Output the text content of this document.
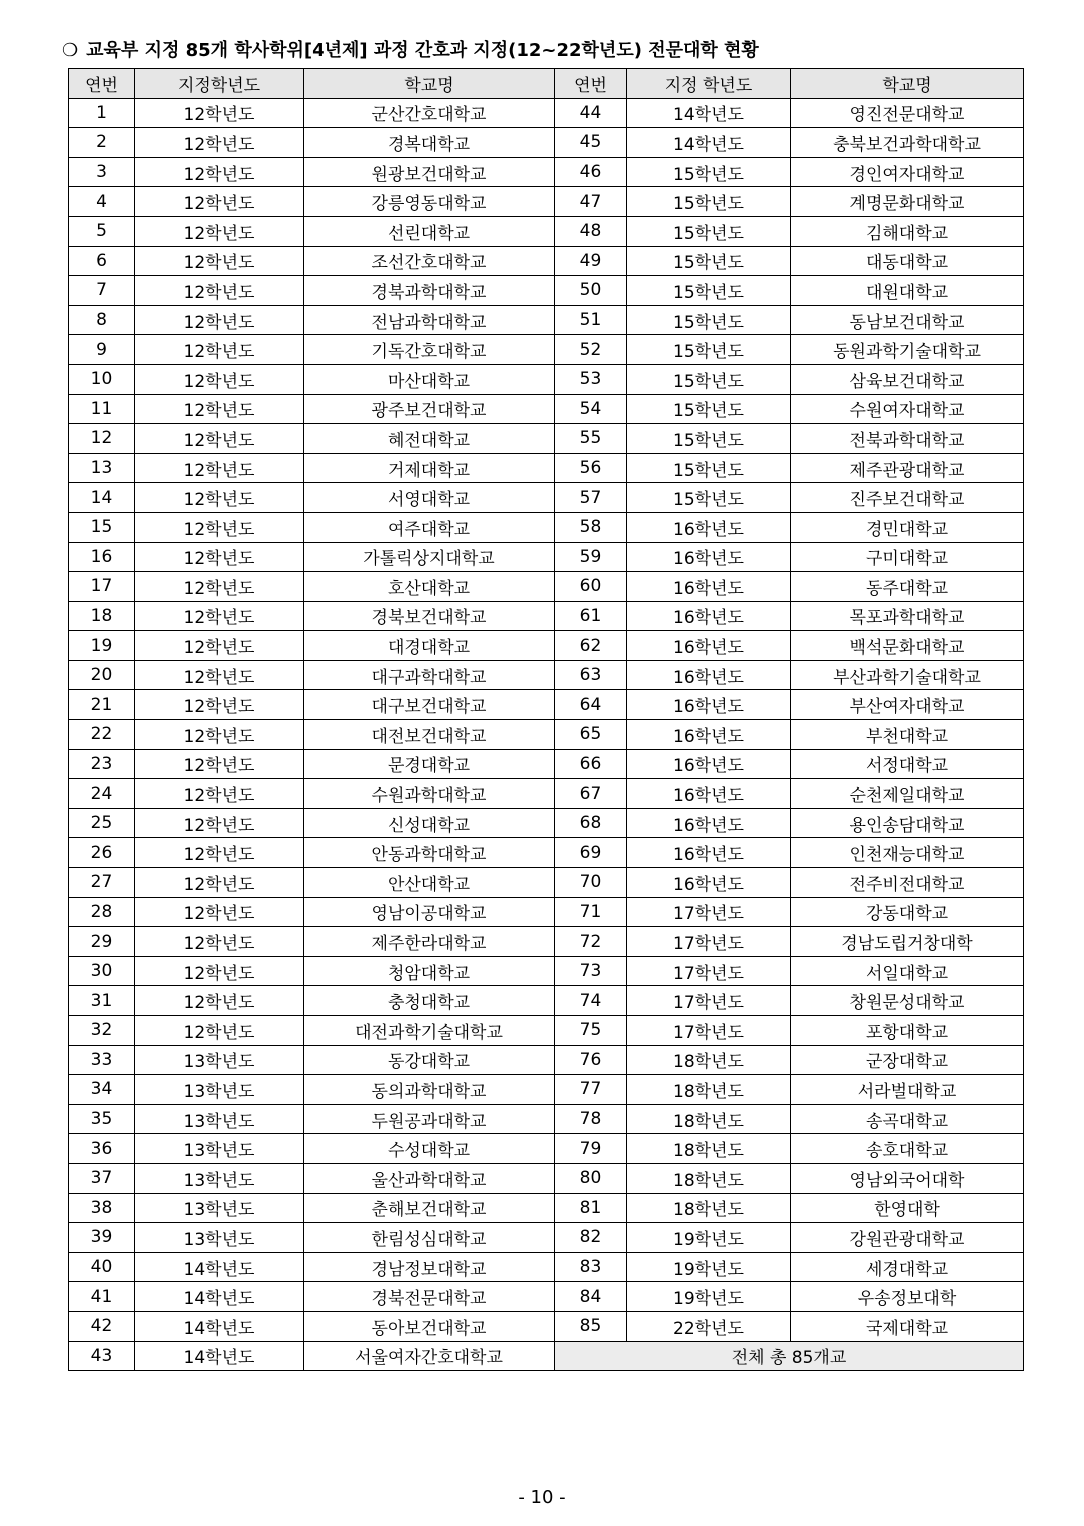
❍ 교육부 지정 85개 학사학위[4년제] 과정 간호과 지정(12~22학년도) 전문대학 현황
연번	지정학년도	학교명	연번	지정 학년도	학교명
1	12학년도	군산간호대학교	44	14학년도	영진전문대학교
2	12학년도	경복대학교	45	14학년도	충북보건과학대학교
3	12학년도	원광보건대학교	46	15학년도	경인여자대학교
4	12학년도	강릉영동대학교	47	15학년도	계명문화대학교
5	12학년도	선린대학교	48	15학년도	김해대학교
6	12학년도	조선간호대학교	49	15학년도	대동대학교
7	12학년도	경북과학대학교	50	15학년도	대원대학교
8	12학년도	전남과학대학교	51	15학년도	동남보건대학교
9	12학년도	기독간호대학교	52	15학년도	동원과학기술대학교
10	12학년도	마산대학교	53	15학년도	삼육보건대학교
11	12학년도	광주보건대학교	54	15학년도	수원여자대학교
12	12학년도	혜전대학교	55	15학년도	전북과학대학교
13	12학년도	거제대학교	56	15학년도	제주관광대학교
14	12학년도	서영대학교	57	15학년도	진주보건대학교
15	12학년도	여주대학교	58	16학년도	경민대학교
16	12학년도	가톨릭상지대학교	59	16학년도	구미대학교
17	12학년도	호산대학교	60	16학년도	동주대학교
18	12학년도	경북보건대학교	61	16학년도	목포과학대학교
19	12학년도	대경대학교	62	16학년도	백석문화대학교
20	12학년도	대구과학대학교	63	16학년도	부산과학기술대학교
21	12학년도	대구보건대학교	64	16학년도	부산여자대학교
22	12학년도	대전보건대학교	65	16학년도	부천대학교
23	12학년도	문경대학교	66	16학년도	서정대학교
24	12학년도	수원과학대학교	67	16학년도	순천제일대학교
25	12학년도	신성대학교	68	16학년도	용인송담대학교
26	12학년도	안동과학대학교	69	16학년도	인천재능대학교
27	12학년도	안산대학교	70	16학년도	전주비전대학교
28	12학년도	영남이공대학교	71	17학년도	강동대학교
29	12학년도	제주한라대학교	72	17학년도	경남도립거창대학
30	12학년도	청암대학교	73	17학년도	서일대학교
31	12학년도	충청대학교	74	17학년도	창원문성대학교
32	12학년도	대전과학기술대학교	75	17학년도	포항대학교
33	13학년도	동강대학교	76	18학년도	군장대학교
34	13학년도	동의과학대학교	77	18학년도	서라벌대학교
35	13학년도	두원공과대학교	78	18학년도	송곡대학교
36	13학년도	수성대학교	79	18학년도	송호대학교
37	13학년도	울산과학대학교	80	18학년도	영남외국어대학
38	13학년도	춘해보건대학교	81	18학년도	한영대학
39	13학년도	한림성심대학교	82	19학년도	강원관광대학교
40	14학년도	경남정보대학교	83	19학년도	세경대학교
41	14학년도	경북전문대학교	84	19학년도	우송정보대학
42	14학년도	동아보건대학교	85	22학년도	국제대학교
43	14학년도	서울여자간호대학교	전체 총 85개교		
- 10 -
